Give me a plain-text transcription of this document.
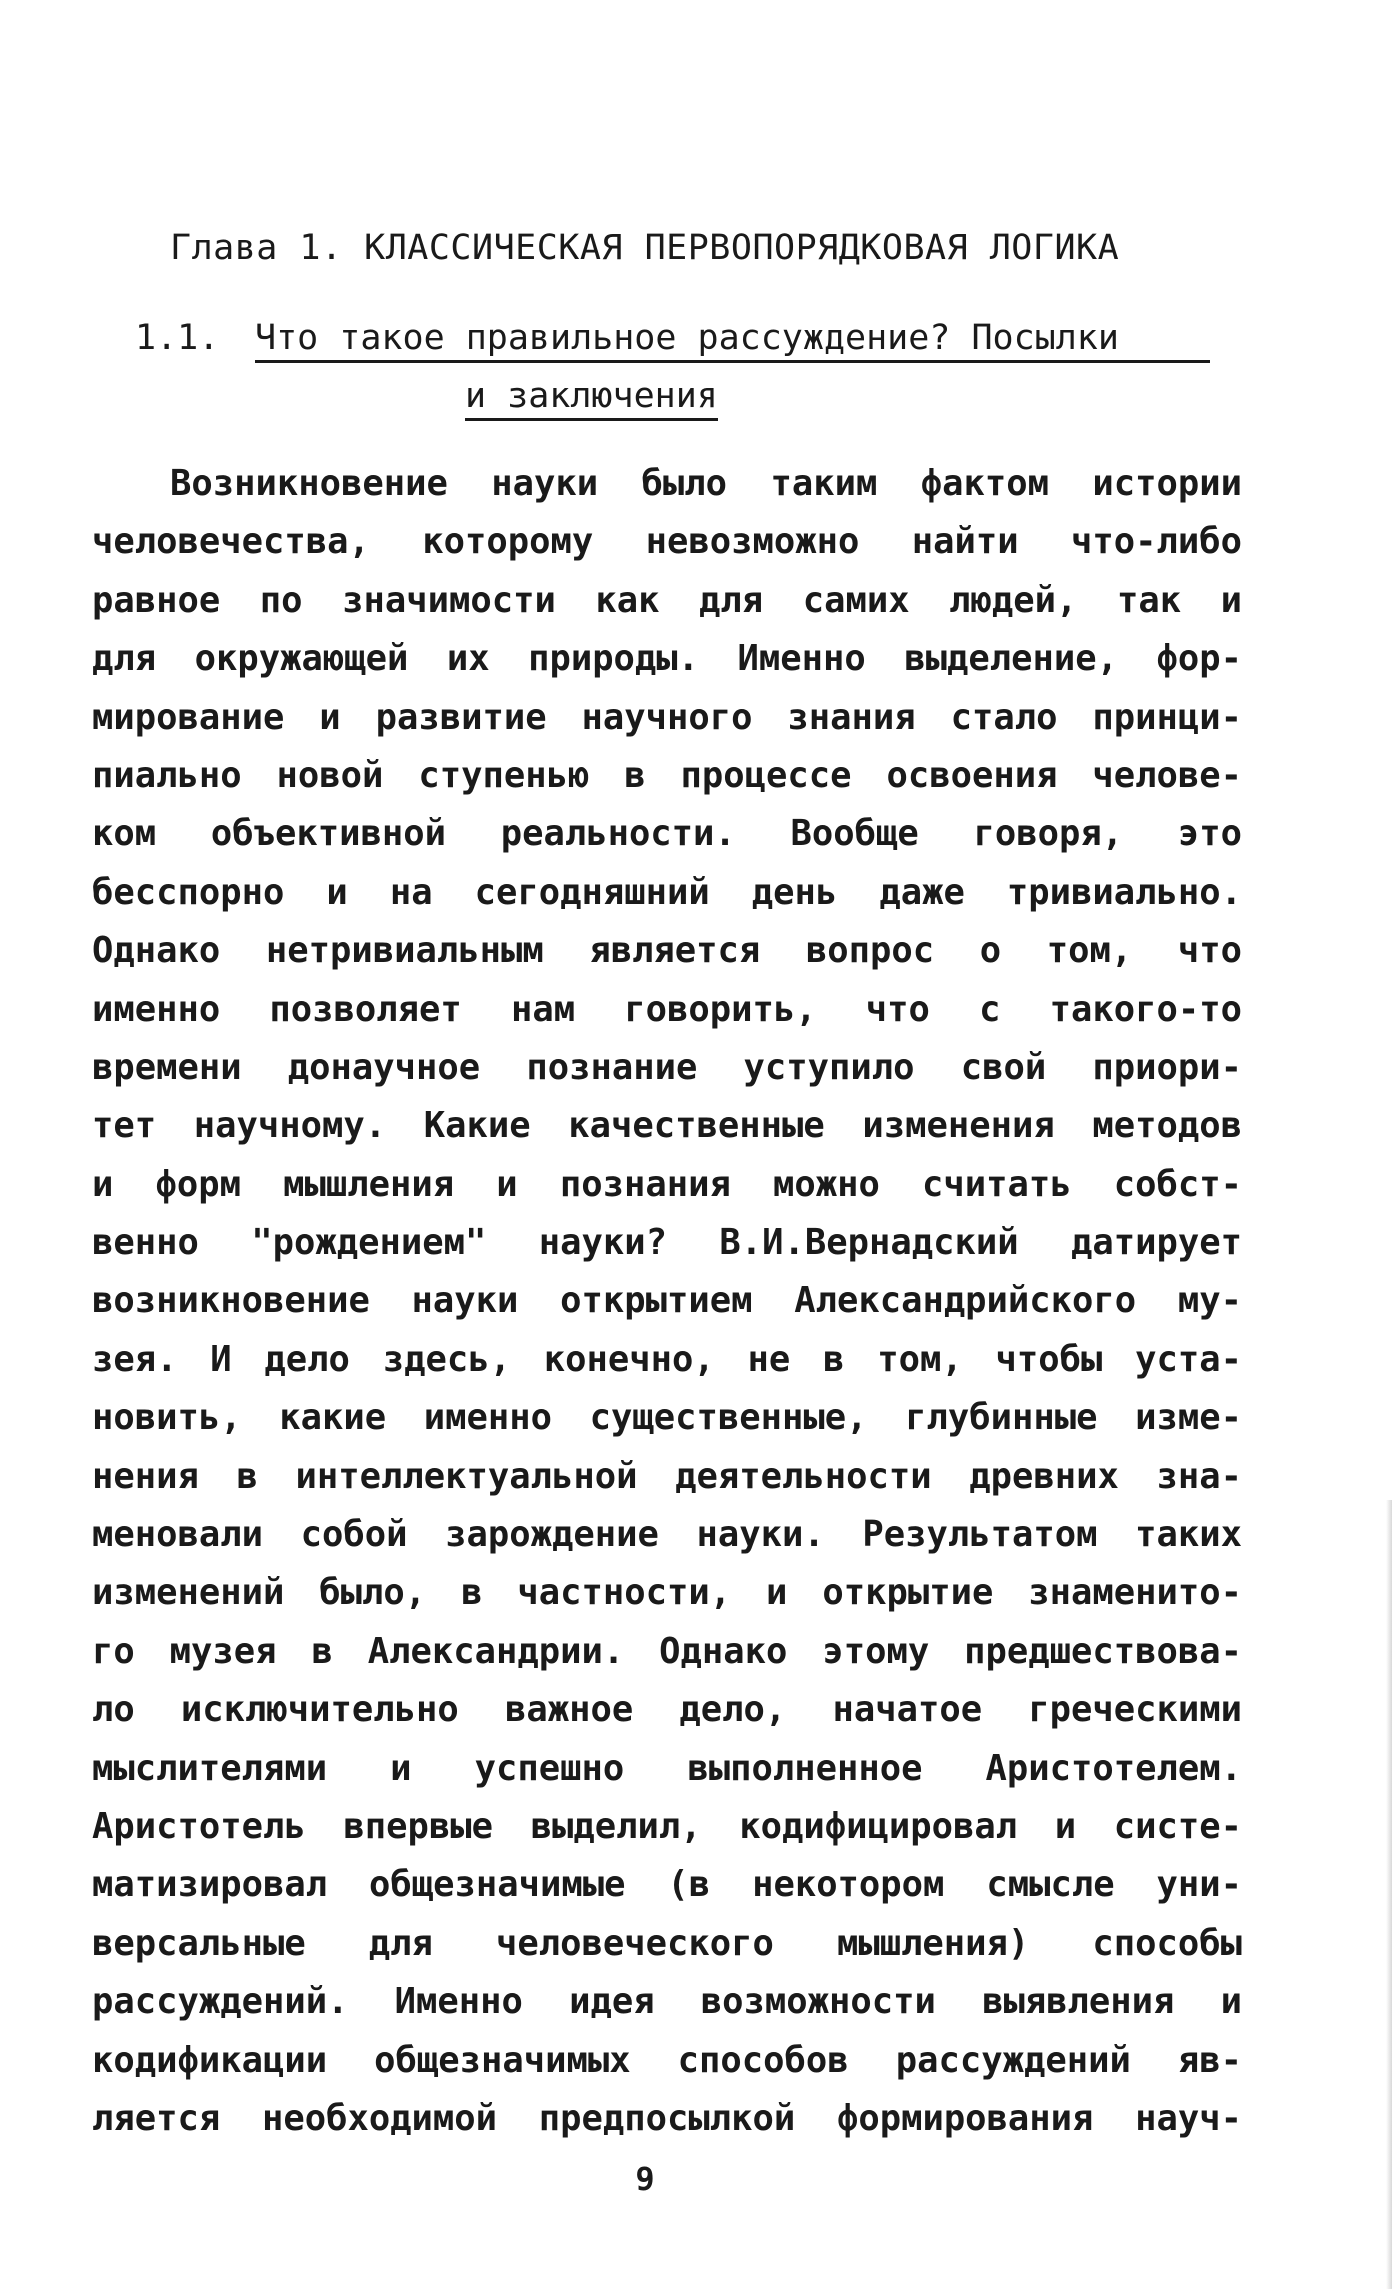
Глава 1. КЛАССИЧЕСКАЯ ПЕРВОПОРЯДКОВАЯ ЛОГИКА
1.1. Что такое правильное рассуждение? Посылки
и заключения
Возникновение науки было таким фактом истории
человечества, которому невозможно найти что-либо
равное по значимости как для самих людей, так и
для окружающей их природы. Именно выделение, фор-
мирование и развитие научного знания стало принци-
пиально новой ступенью в процессе освоения челове-
ком объективной реальности. Вообще говоря, это
бесспорно и на сегодняшний день даже тривиально.
Однако нетривиальным является вопрос о том, что
именно позволяет нам говорить, что с такого-то
времени донаучное познание уступило свой приори-
тет научному. Какие качественные изменения методов
и форм мышления и познания можно считать собст-
венно "рождением" науки? В.И.Вернадский датирует
возникновение науки открытием Александрийского му-
зея. И дело здесь, конечно, не в том, чтобы уста-
новить, какие именно существенные, глубинные изме-
нения в интеллектуальной деятельности древних зна-
меновали собой зарождение науки. Результатом таких
изменений было, в частности, и открытие знаменито-
го музея в Александрии. Однако этому предшествова-
ло исключительно важное дело, начатое греческими
мыслителями и успешно выполненное Аристотелем.
Аристотель впервые выделил, кодифицировал и систе-
матизировал общезначимые (в некотором смысле уни-
версальные для человеческого мышления) способы
рассуждений. Именно идея возможности выявления и
кодификации общезначимых способов рассуждений яв-
ляется необходимой предпосылкой формирования науч-
9
